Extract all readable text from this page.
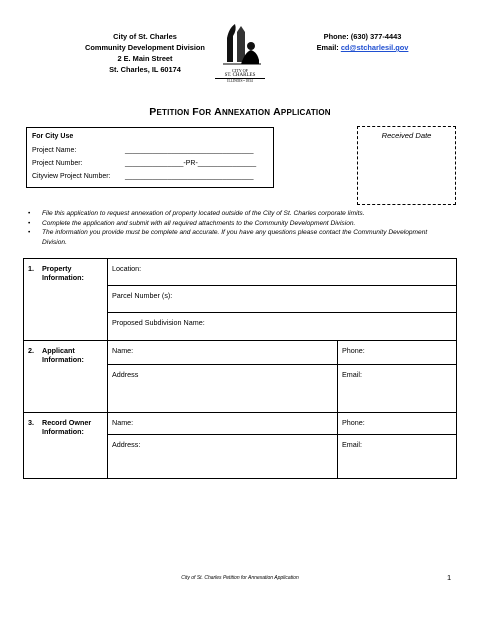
City of St. Charles
Community Development Division
2 E. Main Street
St. Charles, IL 60174	CITY OF
ST. CHARLES
ILLINOIS • 1834
Phone: (630) 377-4443
Email: cd@stcharlesil.gov
PETITION FOR ANNEXATION APPLICATION
For City Use
Project Name:	_________________________________
Project Number:	_______________-PR-_______________
Cityview Project Number: _________________________________
Received Date
• File this application to request annexation of property located outside of the City of St. Charles corporate limits.
• Complete the application and submit with all required attachments to the Community Development Division.
• The information you provide must be complete and accurate. If you have any questions please contact the Community Development Division.
1. Property Information:
Location:
Parcel Number (s):
Proposed Subdivision Name:
2. Applicant Information:
Name:	Phone:
Address	Email:
3. Record Owner Information:
Name:	Phone:
Address:	Email:
City of St. Charles Petition for Annexation Application	1
